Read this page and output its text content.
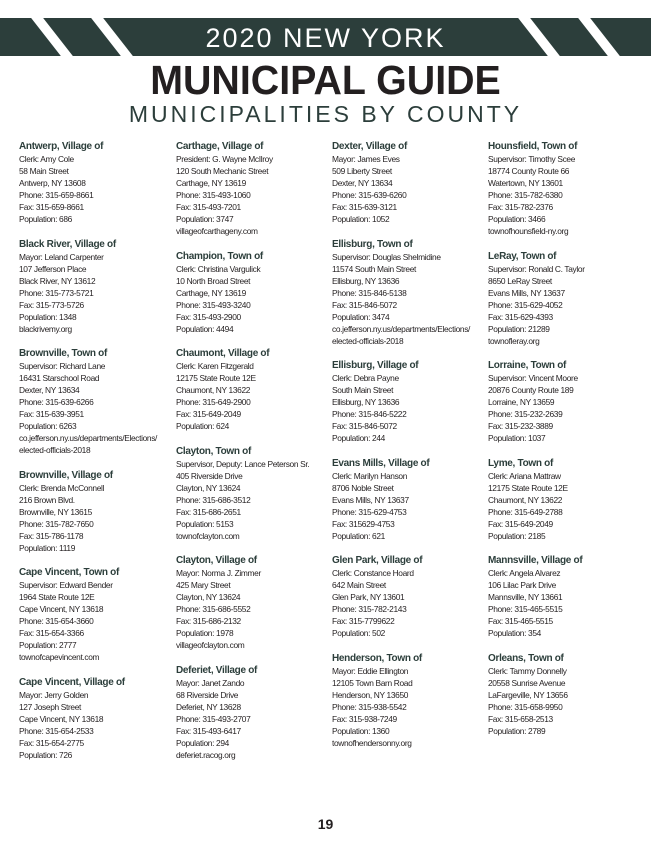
2020 NEW YORK
MUNICIPAL GUIDE
MUNICIPALITIES BY COUNTY
Antwerp, Village of
Clerk: Amy Cole
58 Main Street
Antwerp, NY 13608
Phone: 315-659-8661
Fax: 315-659-8661
Population: 686
Black River, Village of
Mayor: Leland Carpenter
107 Jefferson Place
Black River, NY 13612
Phone: 315-773-5721
Fax: 315-773-5726
Population: 1348
blackrivemy.org
Brownville, Town of
Supervisor: Richard Lane
16431 Starschool Road
Dexter, NY 13634
Phone: 315-639-6266
Fax: 315-639-3951
Population: 6263
co.jefferson.ny.us/departments/Elections/
elected-officials-2018
Brownville, Village of
Clerk: Brenda McConnell
216 Brown Blvd.
Brownville, NY 13615
Phone: 315-782-7650
Fax: 315-786-1178
Population: 1119
Cape Vincent, Town of
Supervisor: Edward Bender
1964 State Route 12E
Cape Vincent, NY 13618
Phone: 315-654-3660
Fax: 315-654-3366
Population: 2777
townofcapevincent.com
Cape Vincent, Village of
Mayor: Jerry Golden
127 Joseph Street
Cape Vincent, NY 13618
Phone: 315-654-2533
Fax: 315-654-2775
Population: 726
Carthage, Village of
President: G. Wayne McIlroy
120 South Mechanic Street
Carthage, NY 13619
Phone: 315-493-1060
Fax: 315-493-7201
Population: 3747
villageofcarthageny.com
Champion, Town of
Clerk: Christina Vargulick
10 North Broad Street
Carthage, NY 13619
Phone: 315-493-3240
Fax: 315-493-2900
Population: 4494
Chaumont, Village of
Clerk: Karen Fitzgerald
12175 State Route 12E
Chaumont, NY 13622
Phone: 315-649-2900
Fax: 315-649-2049
Population: 624
Clayton, Town of
Supervisor, Deputy: Lance Peterson Sr.
405 Riverside Drive
Clayton, NY 13624
Phone: 315-686-3512
Fax: 315-686-2651
Population: 5153
townofclayton.com
Clayton, Village of
Mayor: Norma J. Zimmer
425 Mary Street
Clayton, NY 13624
Phone: 315-686-5552
Fax: 315-686-2132
Population: 1978
villageofclayton.com
Deferiet, Village of
Mayor: Janet Zando
68 Riverside Drive
Deferiet, NY 13628
Phone: 315-493-2707
Fax: 315-493-6417
Population: 294
deferiet.racog.org
Dexter, Village of
Mayor: James Eves
509 Liberty Street
Dexter, NY 13634
Phone: 315-639-6260
Fax: 315-639-3121
Population: 1052
Ellisburg, Town of
Supervisor: Douglas Shelmidine
11574 South Main Street
Ellisburg, NY 13636
Phone: 315-846-5138
Fax: 315-846-5072
Population: 3474
co.jefferson.ny.us/departments/Elections/
elected-officials-2018
Ellisburg, Village of
Clerk: Debra Payne
South Main Street
Ellisburg, NY 13636
Phone: 315-846-5222
Fax: 315-846-5072
Population: 244
Evans Mills, Village of
Clerk: Marilyn Hanson
8706 Noble Street
Evans Mills, NY 13637
Phone: 315-629-4753
Fax: 315629-4753
Population: 621
Glen Park, Village of
Clerk: Constance Hoard
642 Main Street
Glen Park, NY 13601
Phone: 315-782-2143
Fax: 315-7799622
Population: 502
Henderson, Town of
Mayor: Eddie Ellington
12105 Town Barn Road
Henderson, NY 13650
Phone: 315-938-5542
Fax: 315-938-7249
Population: 1360
townofhendersonny.org
Hounsfield, Town of
Supervisor: Timothy Scee
18774 County Route 66
Watertown, NY 13601
Phone: 315-782-6380
Fax: 315-782-2376
Population: 3466
townofhounsfield-ny.org
LeRay, Town of
Supervisor: Ronald C. Taylor
8650 LeRay Street
Evans Mills, NY 13637
Phone: 315-629-4052
Fax: 315-629-4393
Population: 21289
townofleray.org
Lorraine, Town of
Supervisor: Vincent Moore
20876 County Route 189
Lorraine, NY 13659
Phone: 315-232-2639
Fax: 315-232-3889
Population: 1037
Lyme, Town of
Clerk: Ariana Mattraw
12175 State Route 12E
Chaumont, NY 13622
Phone: 315-649-2788
Fax: 315-649-2049
Population: 2185
Mannsville, Village of
Clerk: Angela Alvarez
106 Lilac Park Drive
Mannsville, NY 13661
Phone: 315-465-5515
Fax: 315-465-5515
Population: 354
Orleans, Town of
Clerk: Tammy Donnelly
20558 Sunrise Avenue
LaFargeville, NY 13656
Phone: 315-658-9950
Fax: 315-658-2513
Population: 2789
19
